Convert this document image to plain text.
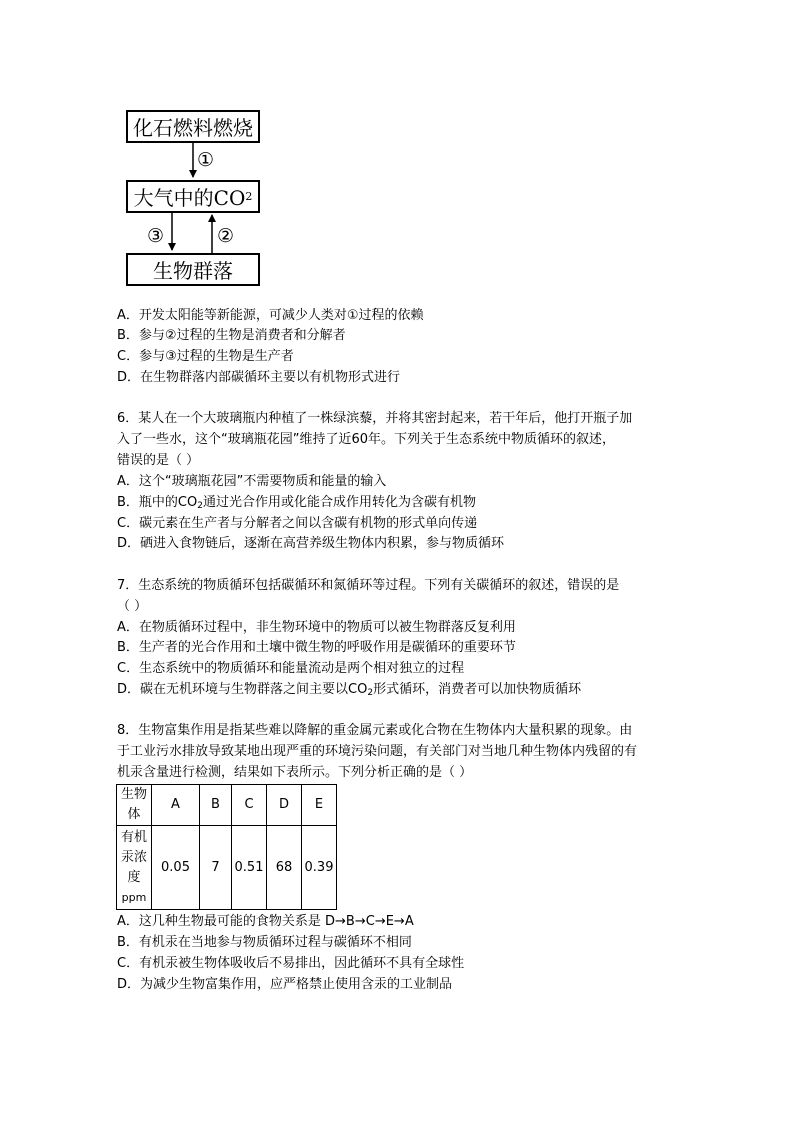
化石燃料燃烧
大气中的CO 2
生物群落
①
③	②
A．开发太阳能等新能源，可减少人类对①过程的依赖
B．参与②过程的生物是消费者和分解者
C．参与③过程的生物是生产者
D．在生物群落内部碳循环主要以有机物形式进行
6．某人在一个大玻璃瓶内种植了一株绿滨藜，并将其密封起来，若干年后，他打开瓶子加
入了一些水，这个“玻璃瓶花园”维持了近60年。下列关于生态系统中物质循环的叙述，
错误的是（ ）
A．这个“玻璃瓶花园”不需要物质和能量的输入
B．瓶中的$CO_2$通过光合作用或化能合成作用转化为含碳有机物
C．碳元素在生产者与分解者之间以含碳有机物的形式单向传递
D．硒进入食物链后，逐渐在高营养级生物体内积累，参与物质循环
7．生态系统的物质循环包括碳循环和氮循环等过程。下列有关碳循环的叙述，错误的是
（ ）
A．在物质循环过程中，非生物环境中的物质可以被生物群落反复利用
B．生产者的光合作用和土壤中微生物的呼吸作用是碳循环的重要环节
C．生态系统中的物质循环和能量流动是两个相对独立的过程
D．碳在无机环境与生物群落之间主要以$CO_2$形式循环，消费者可以加快物质循环
8．生物富集作用是指某些难以降解的重金属元素或化合物在生物体内大量积累的现象。由
于工业污水排放导致某地出现严重的环境污染问题，有关部门对当地几种生物体内残留的有
机汞含量进行检测，结果如下表所示。下列分析正确的是（ ）
生物
体	A	B	C	D	E

有机
汞浓
度
ppm	0.05	7	0.51	68	0.39
A．这几种生物最可能的食物关系是 D→B→C→E→A
B．有机汞在当地参与物质循环过程与碳循环不相同
C．有机汞被生物体吸收后不易排出，因此循环不具有全球性
D．为减少生物富集作用，应严格禁止使用含汞的工业制品
